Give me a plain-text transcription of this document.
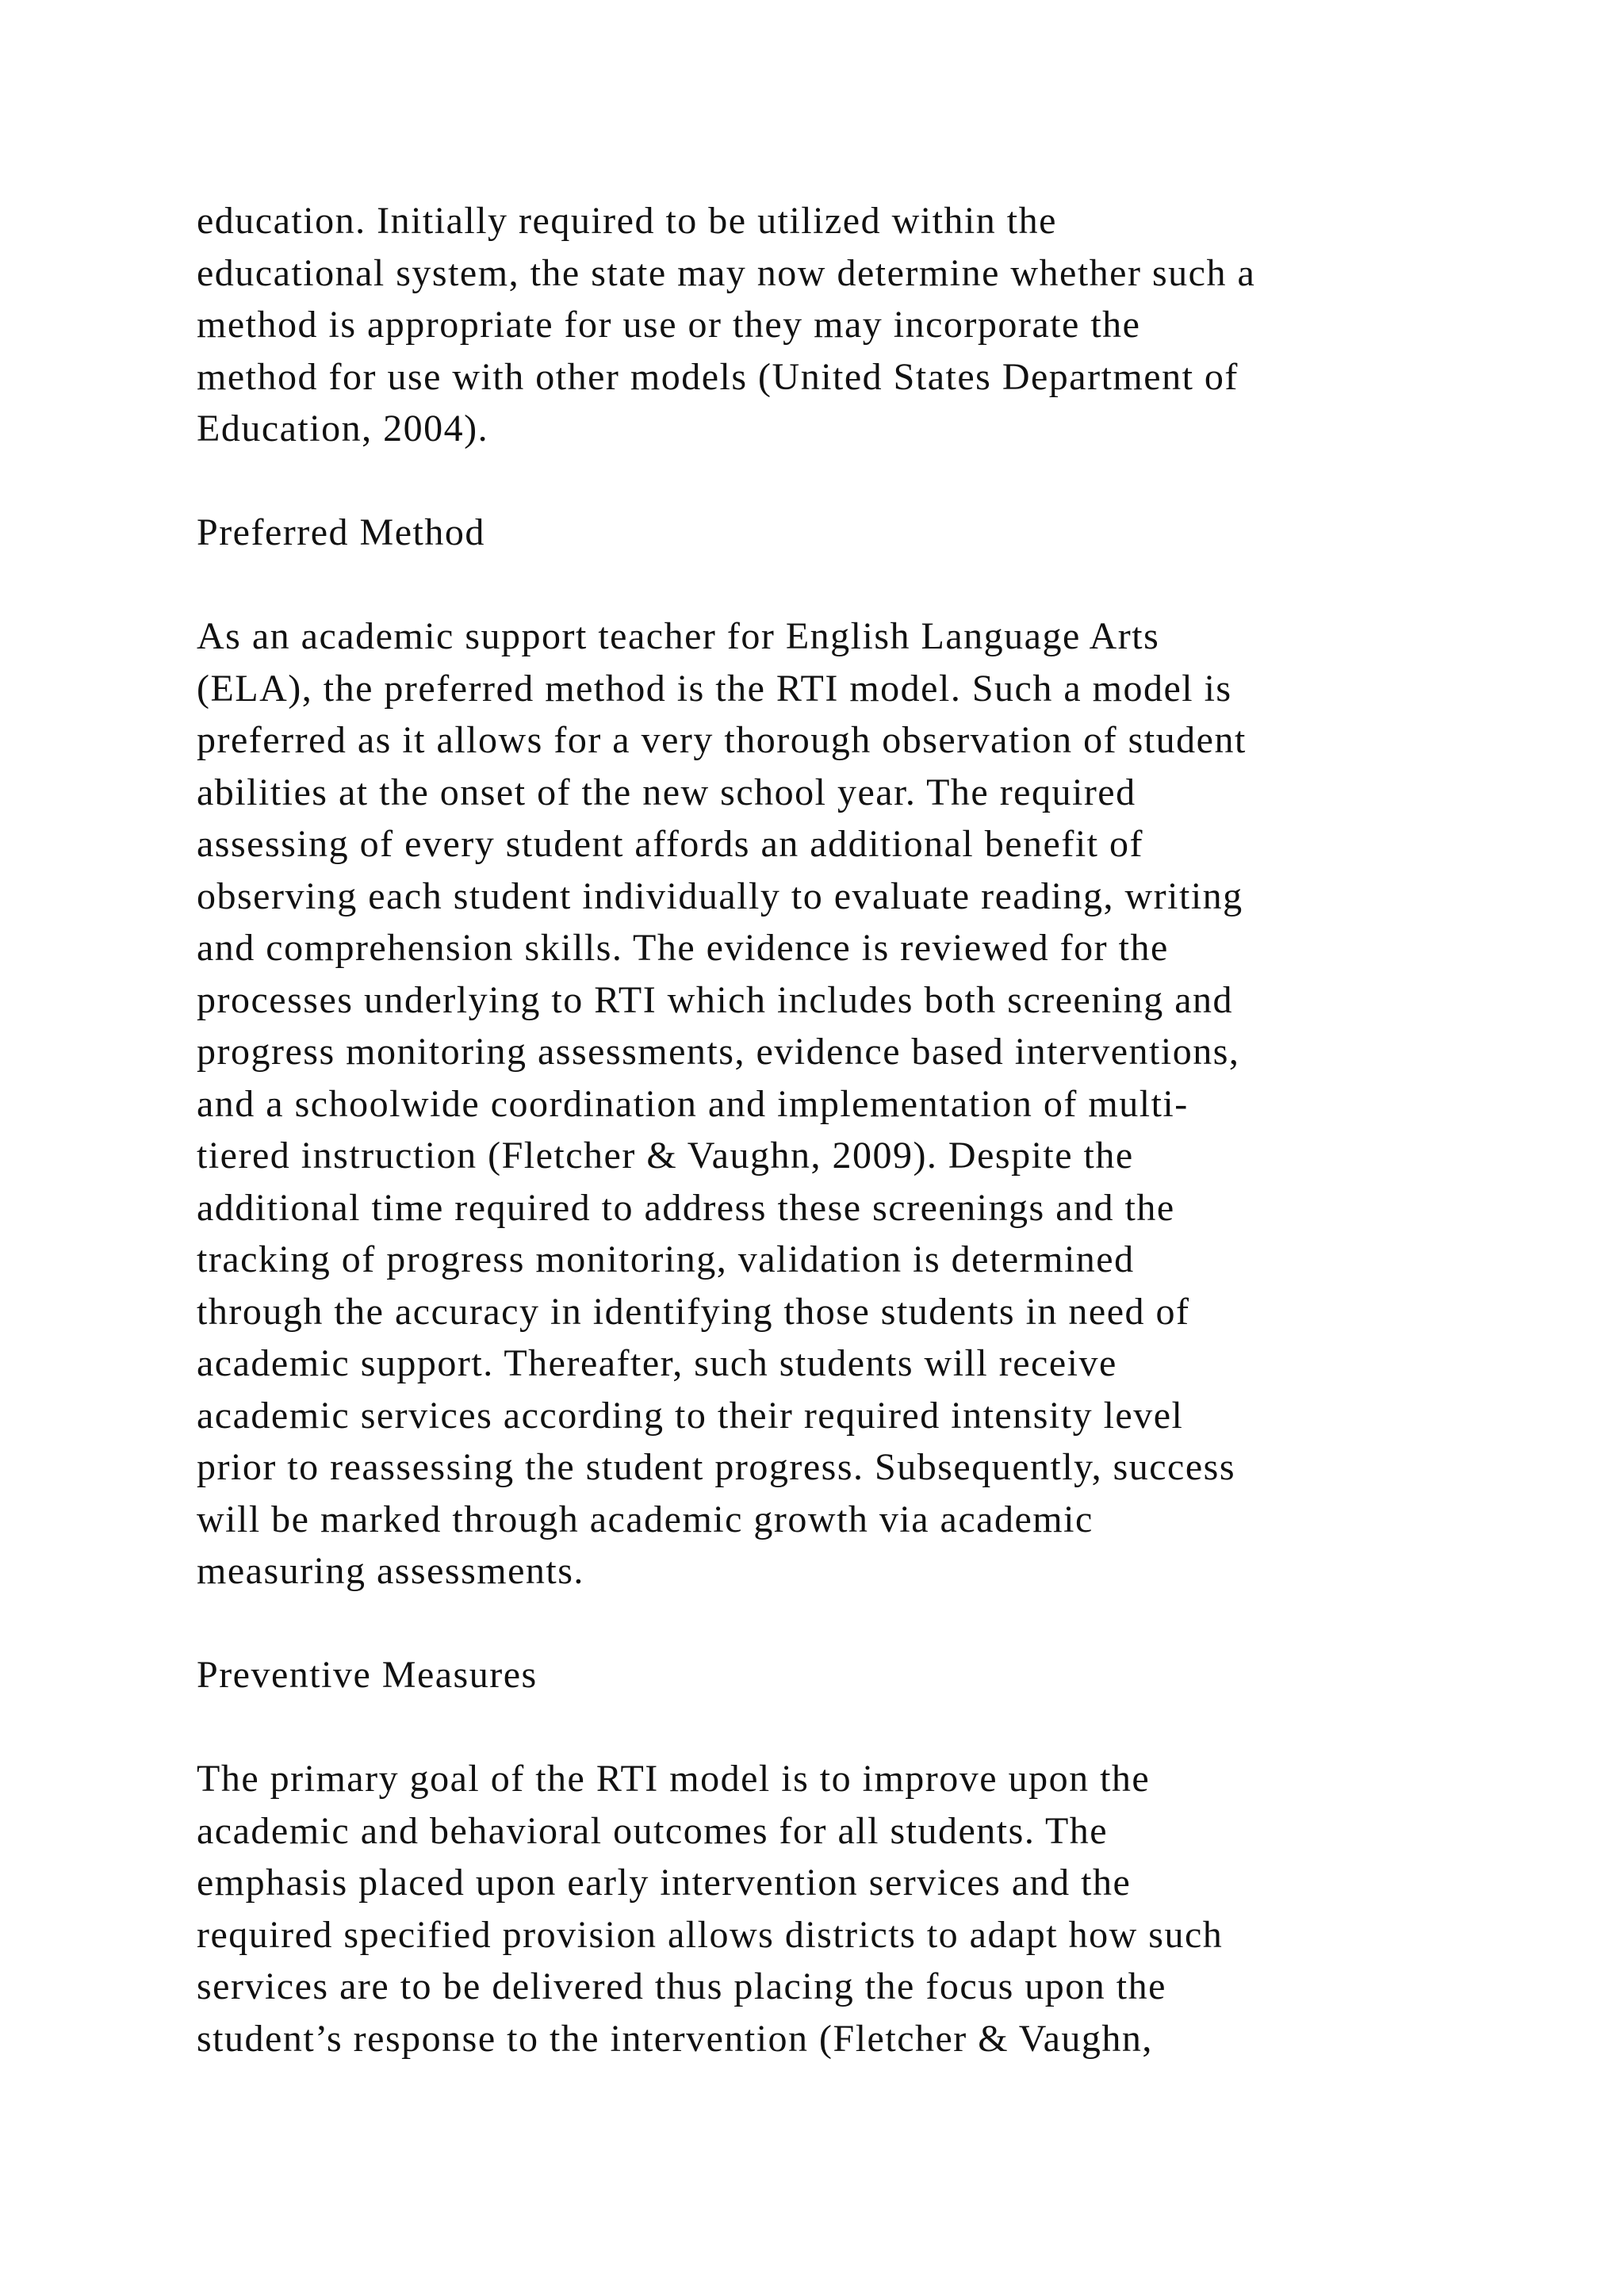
education. Initially required to be utilized within the
educational system, the state may now determine whether such a
method is appropriate for use or they may incorporate the
method for use with other models (United States Department of
Education, 2004).
Preferred Method
As an academic support teacher for English Language Arts
(ELA), the preferred method is the RTI model. Such a model is
preferred as it allows for a very thorough observation of student
abilities at the onset of the new school year. The required
assessing of every student affords an additional benefit of
observing each student individually to evaluate reading, writing
and comprehension skills. The evidence is reviewed for the
processes underlying to RTI which includes both screening and
progress monitoring assessments, evidence based interventions,
and a schoolwide coordination and implementation of multi-
tiered instruction (Fletcher & Vaughn, 2009). Despite the
additional time required to address these screenings and the
tracking of progress monitoring, validation is determined
through the accuracy in identifying those students in need of
academic support. Thereafter, such students will receive
academic services according to their required intensity level
prior to reassessing the student progress. Subsequently, success
will be marked through academic growth via academic
measuring assessments.
Preventive Measures
The primary goal of the RTI model is to improve upon the
academic and behavioral outcomes for all students. The
emphasis placed upon early intervention services and the
required specified provision allows districts to adapt how such
services are to be delivered thus placing the focus upon the
student’s response to the intervention (Fletcher & Vaughn,
